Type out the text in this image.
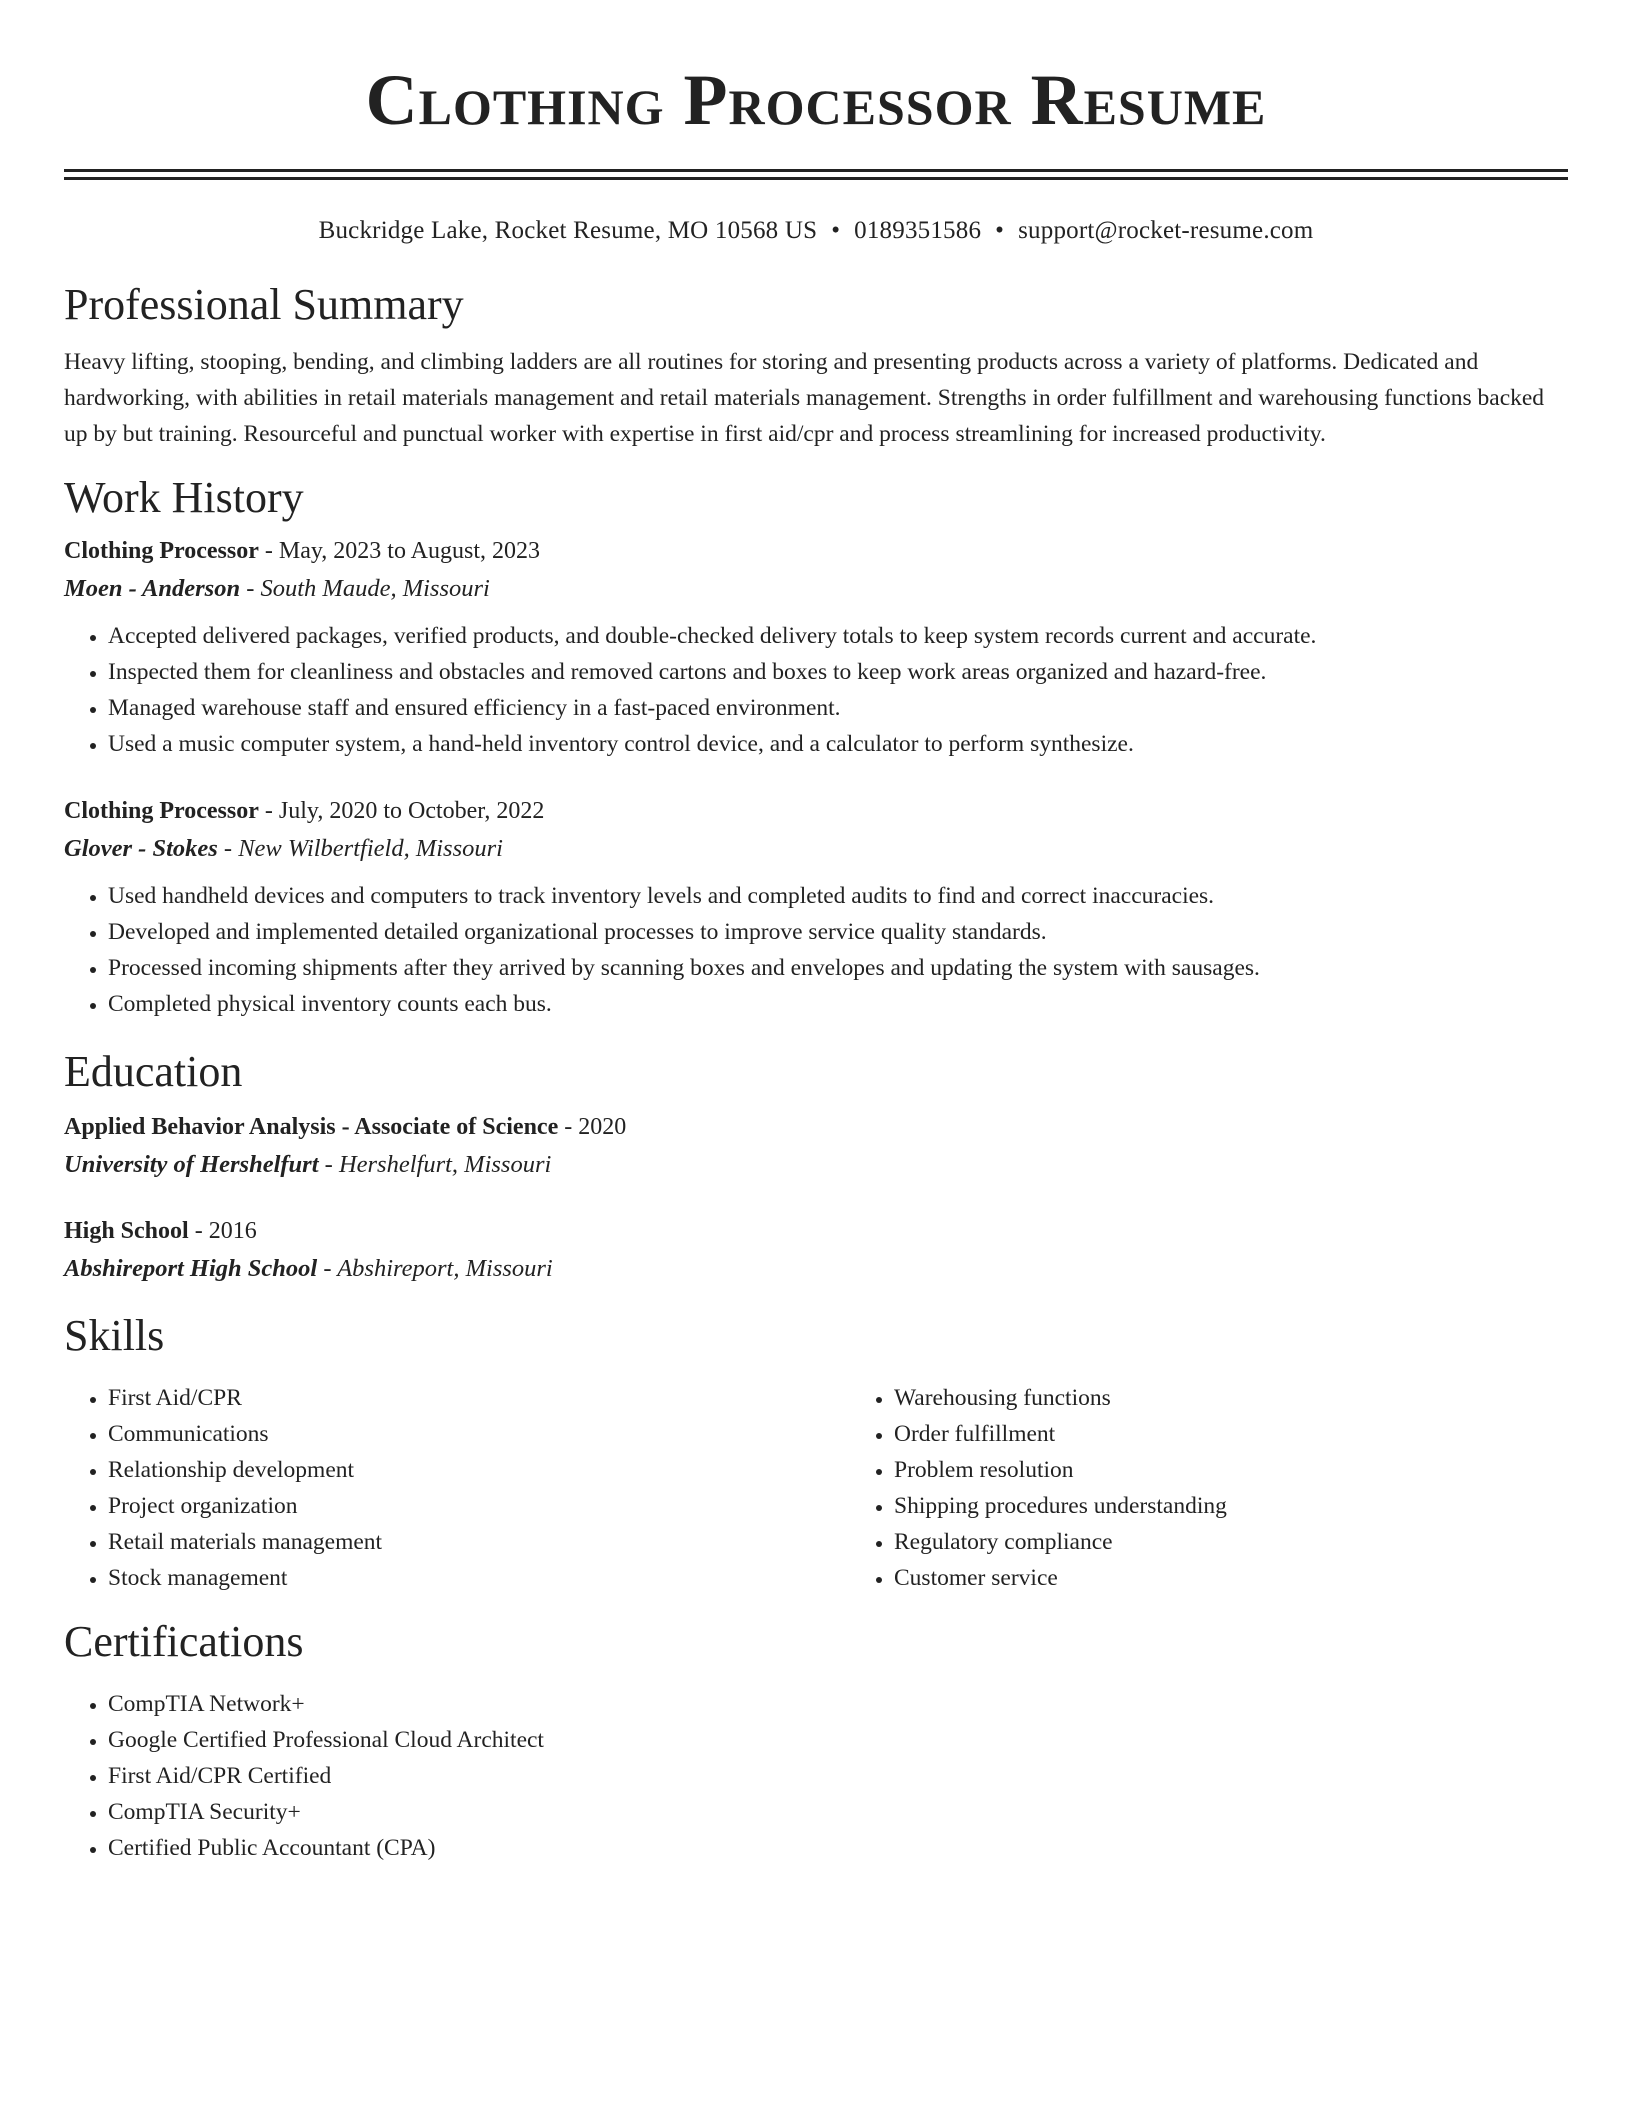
Clothing Processor Resume
Buckridge Lake, Rocket Resume, MO 10568 US • 0189351586 • support@rocket-resume.com
Professional Summary

Heavy lifting, stooping, bending, and climbing ladders are all routines for storing and presenting products across a variety of platforms. Dedicated and hardworking, with abilities in retail materials management and retail materials management. Strengths in order fulfillment and warehousing functions backed up by but training. Resourceful and punctual worker with expertise in first aid/cpr and process streamlining for increased productivity.

Work History
Clothing Processor - May, 2023 to August, 2023
Moen - Anderson - South Maude, Missouri
• Accepted delivered packages, verified products, and double-checked delivery totals to keep system records current and accurate.
• Inspected them for cleanliness and obstacles and removed cartons and boxes to keep work areas organized and hazard-free.
• Managed warehouse staff and ensured efficiency in a fast-paced environment.
• Used a music computer system, a hand-held inventory control device, and a calculator to perform synthesize.
Clothing Processor - July, 2020 to October, 2022
Glover - Stokes - New Wilbertfield, Missouri
• Used handheld devices and computers to track inventory levels and completed audits to find and correct inaccuracies.
• Developed and implemented detailed organizational processes to improve service quality standards.
• Processed incoming shipments after they arrived by scanning boxes and envelopes and updating the system with sausages.
• Completed physical inventory counts each bus.
Education
Applied Behavior Analysis - Associate of Science - 2020
University of Hershelfurt - Hershelfurt, Missouri
High School - 2016
Abshireport High School - Abshireport, Missouri
Skills
• First Aid/CPR
• Communications
• Relationship development
• Project organization
• Retail materials management
• Stock management
• Warehousing functions
• Order fulfillment
• Problem resolution
• Shipping procedures understanding
• Regulatory compliance
• Customer service
Certifications
• CompTIA Network+
• Google Certified Professional Cloud Architect
• First Aid/CPR Certified
• CompTIA Security+
• Certified Public Accountant (CPA)
